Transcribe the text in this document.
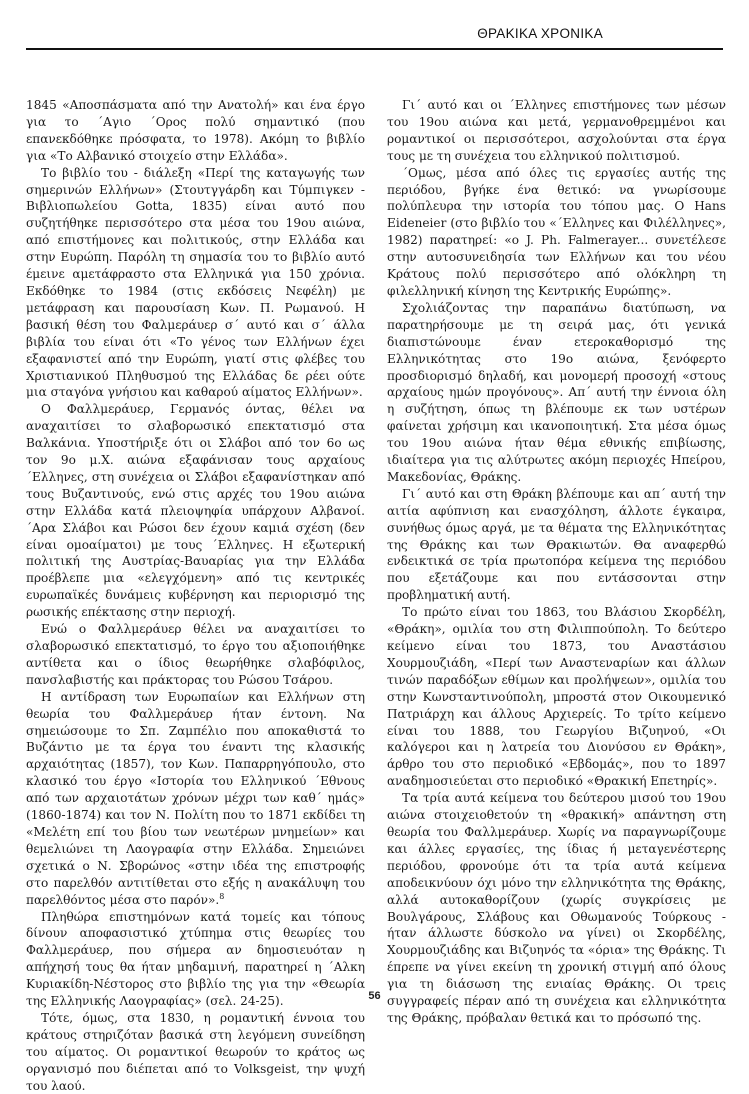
ΘΡΑΚΙΚΑ ΧΡΟΝΙΚΑ

1845 «Αποσπάσματα από την Ανατολή» και ένα έργο για το ΄Αγιο ΄Ορος πολύ σημαντικό (που επανεκδόθηκε πρόσφατα, το 1978). Ακόμη το βιβλίο για «Το Αλβανικό στοιχείο στην Ελλάδα».

Το βιβλίο του - διάλεξη «Περί της καταγωγής των σημερινών Ελλήνων» (Στουτγγάρδη και Τύμπιγκεν - Βιβλιοπωλείου Gotta, 1835) είναι αυτό που συζητήθηκε περισσότερο στα μέσα του 19ου αιώνα, από επιστήμονες και πολιτικούς, στην Ελλάδα και στην Ευρώπη. Παρόλη τη σημασία του το βιβλίο αυτό έμεινε αμετάφραστο στα Ελληνικά για 150 χρόνια. Εκδόθηκε το 1984 (στις εκδόσεις Νεφέλη) με μετάφραση και παρουσίαση Κων. Π. Ρωμανού. Η βασική θέση του Φαλμεράυερ σ΄ αυτό και σ΄ άλλα βιβλία του είναι ότι «Το γένος των Ελλήνων έχει εξαφανιστεί από την Ευρώπη, γιατί στις φλέβες του Χριστιανικού Πληθυσμού της Ελλάδας δε ρέει ούτε μια σταγόνα γνήσιου και καθαρού αίματος Ελλήνων».

Ο Φαλλμεράυερ, Γερμανός όντας, θέλει να αναχαιτίσει το σλαβορωσικό επεκτατισμό στα Βαλκάνια. Υποστήριξε ότι οι Σλάβοι από τον 6ο ως τον 9ο μ.Χ. αιώνα εξαφάνισαν τους αρχαίους ΄Ελληνες, στη συνέχεια οι Σλάβοι εξαφανίστηκαν από τους Βυζαντινούς, ενώ στις αρχές του 19ου αιώνα στην Ελλάδα κατά πλειοψηφία υπάρχουν Αλβανοί. ΄Αρα Σλάβοι και Ρώσοι δεν έχουν καμιά σχέση (δεν είναι ομοαίματοι) με τους ΄Ελληνες. Η εξωτερική πολιτική της Αυστρίας-Βαυαρίας για την Ελλάδα προέβλεπε μια «ελεγχόμενη» από τις κεντρικές ευρωπαϊκές δυνάμεις κυβέρνηση και περιορισμό της ρωσικής επέκτασης στην περιοχή.

Ενώ ο Φαλλμεράυερ θέλει να αναχαιτίσει το σλαβορωσικό επεκτατισμό, το έργο του αξιοποιήθηκε αντίθετα και ο ίδιος θεωρήθηκε σλαβόφιλος, πανσλαβιστής και πράκτορας του Ρώσου Τσάρου.

Η αντίδραση των Ευρωπαίων και Ελλήνων στη θεωρία του Φαλλμεράυερ ήταν έντονη. Να σημειώσουμε το Σπ. Ζαμπέλιο που αποκαθιστά το Βυζάντιο με τα έργα του έναντι της κλασικής αρχαιότητας (1857), τον Κων. Παπαρρηγόπουλο, στο κλασικό του έργο «Ιστορία του Ελληνικού ΄Εθνους από των αρχαιοτάτων χρόνων μέχρι των καθ΄ ημάς» (1860-1874) και τον Ν. Πολίτη που το 1871 εκδίδει τη «Μελέτη επί του βίου των νεωτέρων μνημείων» και θεμελιώνει τη Λαογραφία στην Ελλάδα. Σημειώνει σχετικά ο Ν. Σβορώνος «στην ιδέα της επιστροφής στο παρελθόν αντιτίθεται στο εξής η ανακάλυψη του παρελθόντος μέσα στο παρόν».$^8$

Πληθώρα επιστημόνων κατά τομείς και τόπους δίνουν αποφασιστικό χτύπημα στις θεωρίες του Φαλλμεράυερ, που σήμερα αν δημοσιευόταν η απήχησή τους θα ήταν μηδαμινή, παρατηρεί η ΄Αλκη Κυριακίδη-Νέστορος στο βιβλίο της για την «Θεωρία της Ελληνικής Λαογραφίας» (σελ. 24-25).

Τότε, όμως, στα 1830, η ρομαντική έννοια του κράτους στηριζόταν βασικά στη λεγόμενη συνείδηση του αίματος. Οι ρομαντικοί θεωρούν το κράτος ως οργανισμό που διέπεται από το Volksgeist, την ψυχή του λαού.

Γι΄ αυτό και οι ΄Ελληνες επιστήμονες των μέσων του 19ου αιώνα και μετά, γερμανοθρεμμένοι και ρομαντικοί οι περισσότεροι, ασχολούνται στα έργα τους με τη συνέχεια του ελληνικού πολιτισμού.

΄Ομως, μέσα από όλες τις εργασίες αυτής της περιόδου, βγήκε ένα θετικό: να γνωρίσουμε πολύπλευρα την ιστορία του τόπου μας. Ο Hans Eideneier (στο βιβλίο του «΄Ελληνες και Φιλέλληνες», 1982) παρατηρεί: «ο J. Ph. Falmerayer... συνετέλεσε στην αυτοσυνειδησία των Ελλήνων και του νέου Κράτους πολύ περισσότερο από ολόκληρη τη φιλελληνική κίνηση της Κεντρικής Ευρώπης».

Σχολιάζοντας την παραπάνω διατύπωση, να παρατηρήσουμε με τη σειρά μας, ότι γενικά διαπιστώνουμε έναν ετεροκαθορισμό της Ελληνικότητας στο 19ο αιώνα, ξενόφερτο προσδιορισμό δηλαδή, και μονομερή προσοχή «στους αρχαίους ημών προγόνους». Απ΄ αυτή την έννοια όλη η συζήτηση, όπως τη βλέπουμε εκ των υστέρων φαίνεται χρήσιμη και ικανοποιητική. Στα μέσα όμως του 19ου αιώνα ήταν θέμα εθνικής επιβίωσης, ιδιαίτερα για τις αλύτρωτες ακόμη περιοχές Ηπείρου, Μακεδονίας, Θράκης.

Γι΄ αυτό και στη Θράκη βλέπουμε και απ΄ αυτή την αιτία αφύπνιση και ενασχόληση, άλλοτε έγκαιρα, συνήθως όμως αργά, με τα θέματα της Ελληνικότητας της Θράκης και των Θρακιωτών. Θα αναφερθώ ενδεικτικά σε τρία πρωτοπόρα κείμενα της περιόδου που εξετάζουμε και που εντάσσονται στην προβληματική αυτή.

Το πρώτο είναι του 1863, του Βλάσιου Σκορδέλη, «Θράκη», ομιλία του στη Φιλιππούπολη. Το δεύτερο κείμενο είναι του 1873, του Αναστάσιου Χουρμουζιάδη, «Περί των Αναστεναρίων και άλλων τινών παραδόξων εθίμων και προλήψεων», ομιλία του στην Κωνσταντινούπολη, μπροστά στον Οικουμενικό Πατριάρχη και άλλους Αρχιερείς. Το τρίτο κείμενο είναι του 1888, του Γεωργίου Βιζυηνού, «Οι καλόγεροι και η λατρεία του Διονύσου εν Θράκη», άρθρο του στο περιοδικό «Εβδομάς», που το 1897 αναδημοσιεύεται στο περιοδικό «Θρακική Επετηρίς».

Τα τρία αυτά κείμενα του δεύτερου μισού του 19ου αιώνα στοιχειοθετούν τη «θρακική» απάντηση στη θεωρία του Φαλλμεράυερ. Χωρίς να παραγνωρίζουμε και άλλες εργασίες, της ίδιας ή μεταγενέστερης περιόδου, φρονούμε ότι τα τρία αυτά κείμενα αποδεικνύουν όχι μόνο την ελληνικότητα της Θράκης, αλλά αυτοκαθορίζουν (χωρίς συγκρίσεις με Βουλγάρους, Σλάβους και Οθωμανούς Τούρκους - ήταν άλλωστε δύσκολο να γίνει) οι Σκορδέλης, Χουρμουζιάδης και Βιζυηνός τα «όρια» της Θράκης. Τι έπρεπε να γίνει εκείνη τη χρονική στιγμή από όλους για τη διάσωση της ενιαίας Θράκης. Οι τρεις συγγραφείς πέραν από τη συνέχεια και ελληνικότητα της Θράκης, πρόβαλαν θετικά και το πρόσωπό της.

56
